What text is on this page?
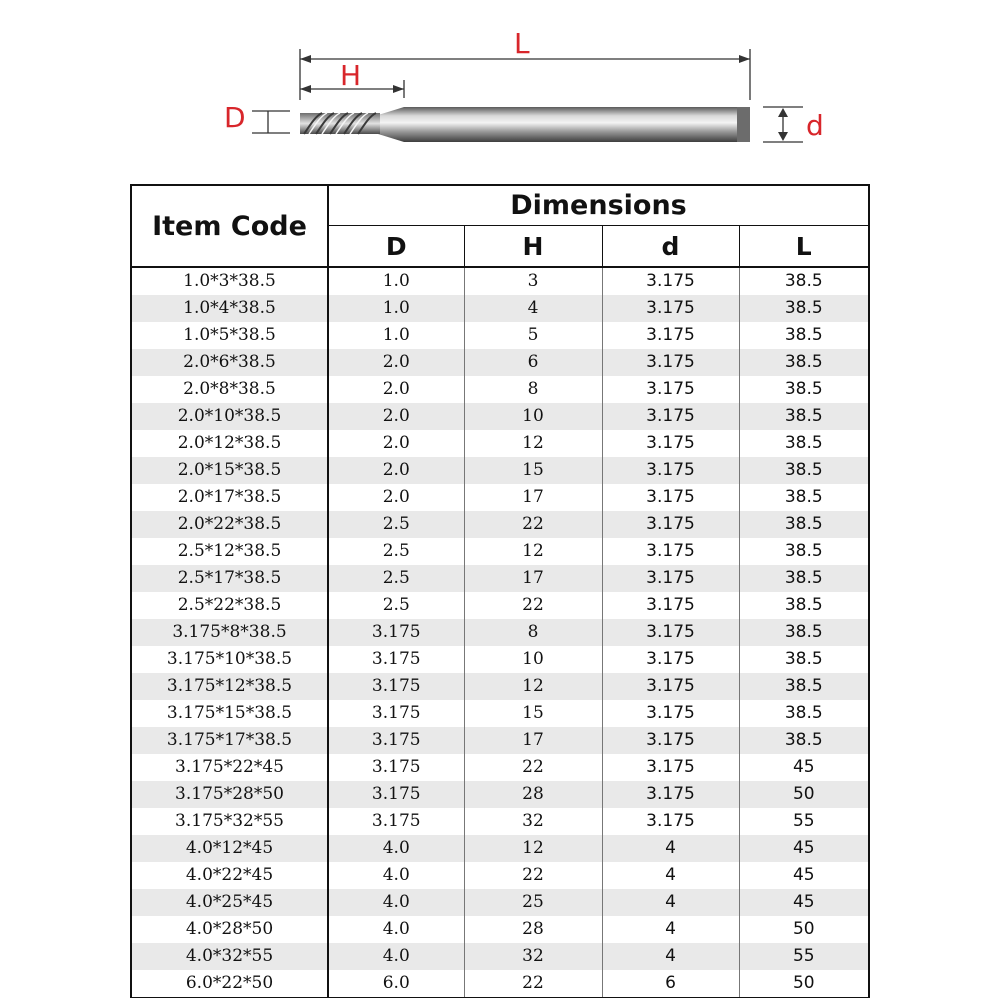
L
H
D	d
Item Code	Dimensions			
	D	H	d	L
1.0*3*38.5	1.0	3	3.175	38.5
1.0*4*38.5	1.0	4	3.175	38.5
1.0*5*38.5	1.0	5	3.175	38.5
2.0*6*38.5	2.0	6	3.175	38.5
2.0*8*38.5	2.0	8	3.175	38.5
2.0*10*38.5	2.0	10	3.175	38.5
2.0*12*38.5	2.0	12	3.175	38.5
2.0*15*38.5	2.0	15	3.175	38.5
2.0*17*38.5	2.0	17	3.175	38.5
2.0*22*38.5	2.5	22	3.175	38.5
2.5*12*38.5	2.5	12	3.175	38.5
2.5*17*38.5	2.5	17	3.175	38.5
2.5*22*38.5	2.5	22	3.175	38.5
3.175*8*38.5	3.175	8	3.175	38.5
3.175*10*38.5	3.175	10	3.175	38.5
3.175*12*38.5	3.175	12	3.175	38.5
3.175*15*38.5	3.175	15	3.175	38.5
3.175*17*38.5	3.175	17	3.175	38.5
3.175*22*45	3.175	22	3.175	45
3.175*28*50	3.175	28	3.175	50
3.175*32*55	3.175	32	3.175	55
4.0*12*45	4.0	12	4	45
4.0*22*45	4.0	22	4	45
4.0*25*45	4.0	25	4	45
4.0*28*50	4.0	28	4	50
4.0*32*55	4.0	32	4	55
6.0*22*50	6.0	22	6	50
